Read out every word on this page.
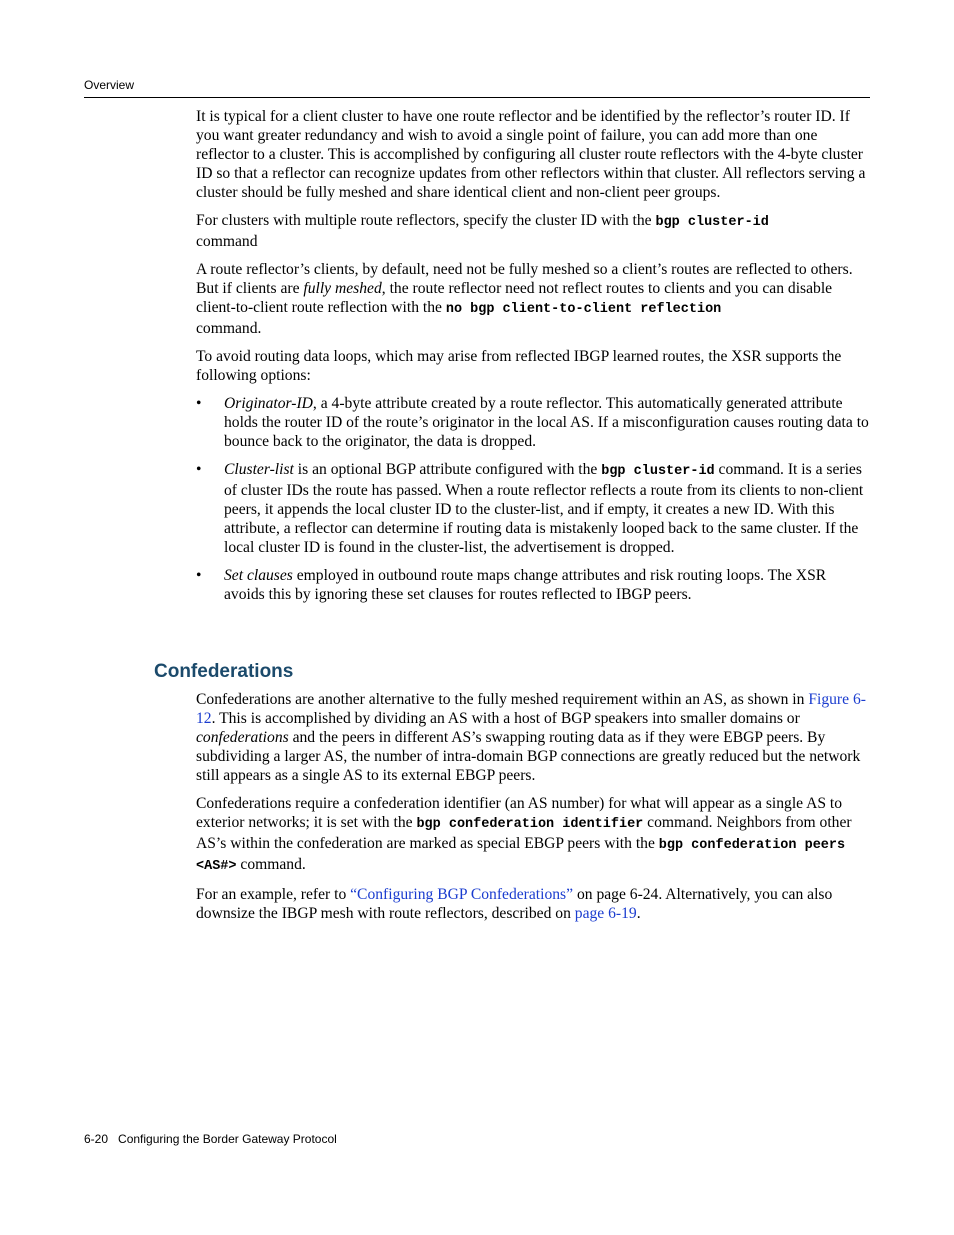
Overview

It is typical for a client cluster to have one route reflector and be identified by the reflector’s router ID. If you want greater redundancy and wish to avoid a single point of failure, you can add more than one reflector to a cluster. This is accomplished by configuring all cluster route reflectors with the 4-byte cluster ID so that a reflector can recognize updates from other reflectors within that cluster. All reflectors serving a cluster should be fully meshed and share identical client and non-client peer groups.

For clusters with multiple route reflectors, specify the cluster ID with the bgp cluster-id
command

A route reflector’s clients, by default, need not be fully meshed so a client’s routes are reflected to others. But if clients are fully meshed, the route reflector need not reflect routes to clients and you can disable client-to-client route reflection with the no bgp client-to-client reflection
command.

To avoid routing data loops, which may arise from reflected IBGP learned routes, the XSR supports the following options:

• Originator-ID, a 4-byte attribute created by a route reflector. This automatically generated attribute holds the router ID of the route’s originator in the local AS. If a misconfiguration causes routing data to bounce back to the originator, the data is dropped.
• Cluster-list is an optional BGP attribute configured with the bgp cluster-id command. It is a series of cluster IDs the route has passed. When a route reflector reflects a route from its clients to non-client peers, it appends the local cluster ID to the cluster-list, and if empty, it creates a new ID. With this attribute, a reflector can determine if routing data is mistakenly looped back to the same cluster. If the local cluster ID is found in the cluster-list, the advertisement is dropped.
• Set clauses employed in outbound route maps change attributes and risk routing loops. The XSR avoids this by ignoring these set clauses for routes reflected to IBGP peers.
Confederations

Confederations are another alternative to the fully meshed requirement within an AS, as shown in Figure 6-12. This is accomplished by dividing an AS with a host of BGP speakers into smaller domains or confederations and the peers in different AS’s swapping routing data as if they were EBGP peers. By subdividing a larger AS, the number of intra-domain BGP connections are greatly reduced but the network still appears as a single AS to its external EBGP peers.

Confederations require a confederation identifier (an AS number) for what will appear as a single AS to exterior networks; it is set with the bgp confederation identifier command. Neighbors from other AS’s within the confederation are marked as special EBGP peers with the bgp confederation peers <AS#> command.

For an example, refer to “Configuring BGP Confederations” on page 6-24. Alternatively, you can also downsize the IBGP mesh with route reflectors, described on page 6-19.

6-20 Configuring the Border Gateway Protocol
